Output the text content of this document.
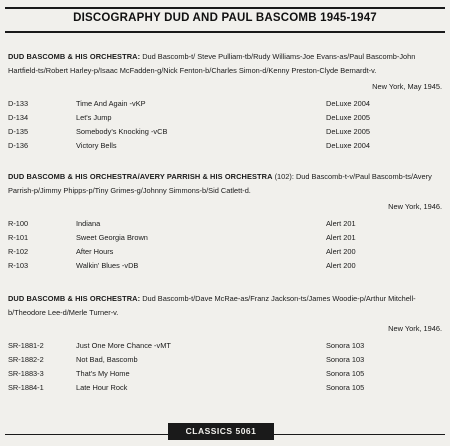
DISCOGRAPHY DUD AND PAUL BASCOMB 1945-1947

DUD BASCOMB & HIS ORCHESTRA: Dud Bascomb-t/ Steve Pulliam-tb/Rudy Williams-Joe Evans-as/Paul Bascomb-John Hartfield-ts/Robert Harley-p/Isaac McFadden-g/Nick Fenton-b/Charles Simon-d/Kenny Preston-Clyde Bernardt-v.

New York, May 1945.
D-133	Time And Again -vKP	DeLuxe 2004
D-134	Let's Jump	DeLuxe 2005
D-135	Somebody's Knocking -vCB	DeLuxe 2005
D-136	Victory Bells	DeLuxe 2004

DUD BASCOMB & HIS ORCHESTRA/AVERY PARRISH & HIS ORCHESTRA (102): Dud Bascomb-t-v/Paul Bascomb-ts/Avery Parrish-p/Jimmy Phipps-p/Tiny Grimes-g/Johnny Simmons-b/Sid Catlett-d.

New York, 1946.
R-100	Indiana	Alert 201
R-101	Sweet Georgia Brown	Alert 201
R-102	After Hours	Alert 200
R-103	Walkin' Blues -vDB	Alert 200

DUD BASCOMB & HIS ORCHESTRA: Dud Bascomb-t/Dave McRae-as/Franz Jackson-ts/James Woodie-p/Arthur Mitchell-b/Theodore Lee-d/Merle Turner-v.

New York, 1946.
SR-1881-2	Just One More Chance -vMT	Sonora 103
SR-1882-2	Not Bad, Bascomb	Sonora 103
SR-1883-3	That's My Home	Sonora 105
SR-1884-1	Late Hour Rock	Sonora 105
CLASSICS 5061
